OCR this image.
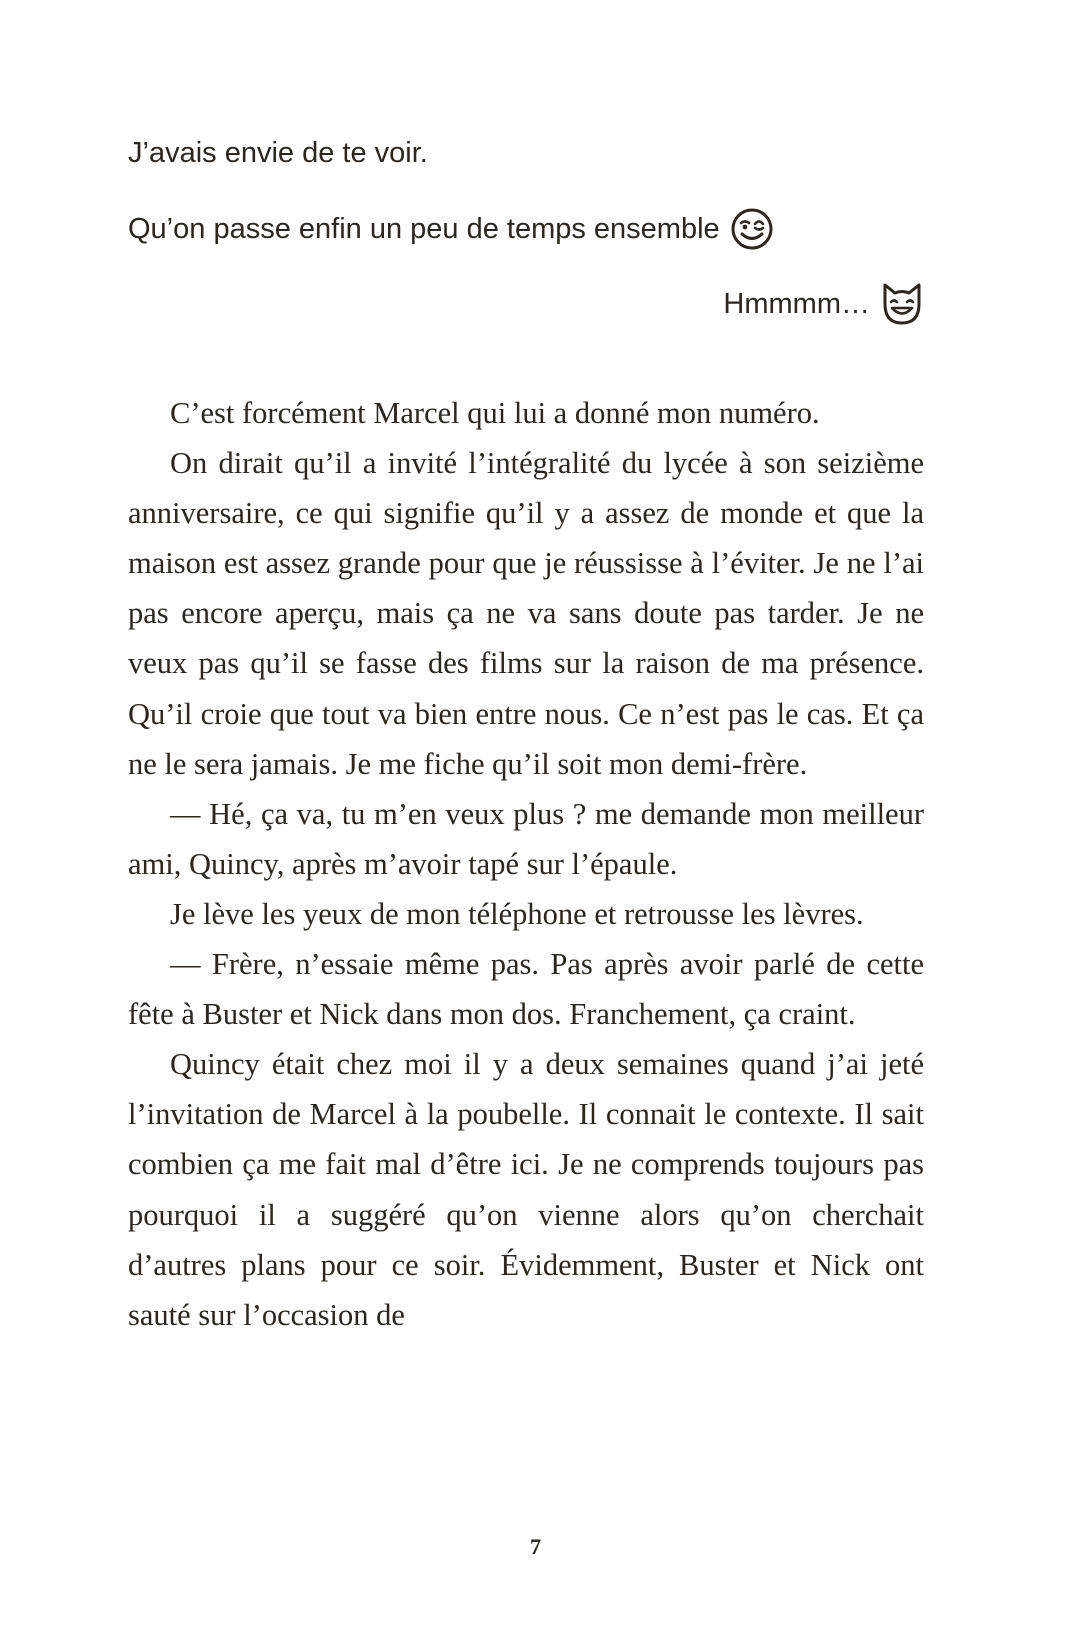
J’avais envie de te voir.
Qu’on passe enfin un peu de temps ensemble
Hmmmm…

C’est forcément Marcel qui lui a donné mon numéro.

On dirait qu’il a invité l’intégralité du lycée à son seizième anniversaire, ce qui signifie qu’il y a assez de monde et que la maison est assez grande pour que je réussisse à l’éviter. Je ne l’ai pas encore aperçu, mais ça ne va sans doute pas tarder. Je ne veux pas qu’il se fasse des films sur la raison de ma présence. Qu’il croie que tout va bien entre nous. Ce n’est pas le cas. Et ça ne le sera jamais. Je me fiche qu’il soit mon demi-frère.

— Hé, ça va, tu m’en veux plus ? me demande mon meilleur ami, Quincy, après m’avoir tapé sur l’épaule.

Je lève les yeux de mon téléphone et retrousse les lèvres.

— Frère, n’essaie même pas. Pas après avoir parlé de cette fête à Buster et Nick dans mon dos. Franchement, ça craint.

Quincy était chez moi il y a deux semaines quand j’ai jeté l’invitation de Marcel à la poubelle. Il connait le contexte. Il sait combien ça me fait mal d’être ici. Je ne comprends toujours pas pourquoi il a suggéré qu’on vienne alors qu’on cherchait d’autres plans pour ce soir. Évidemment, Buster et Nick ont sauté sur l’occasion de

7
